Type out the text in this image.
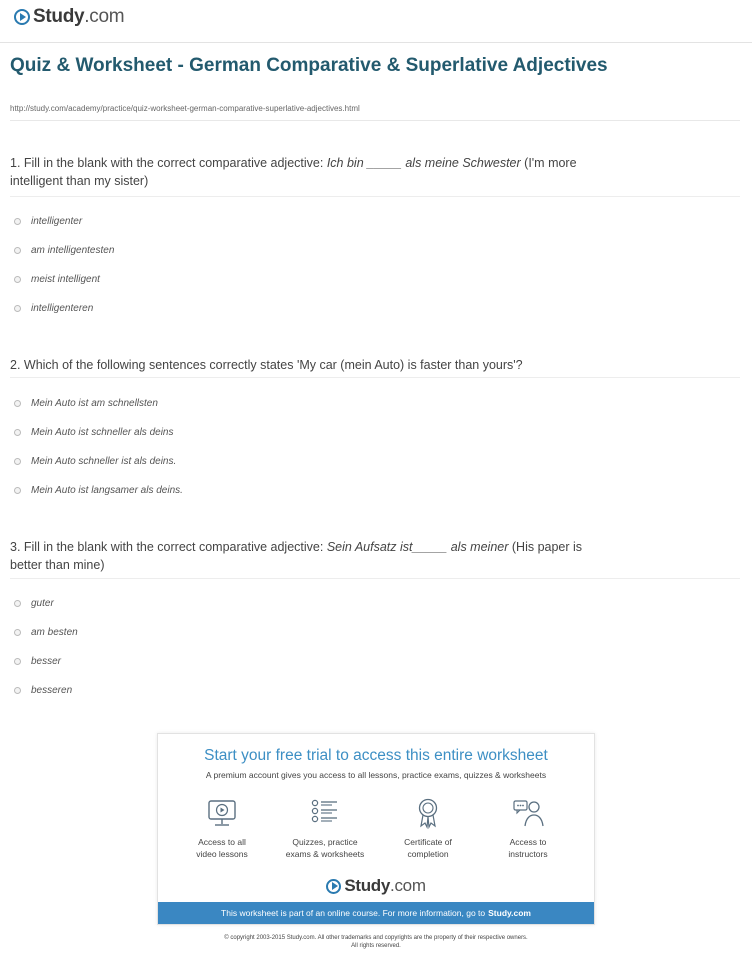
Study.com
Quiz & Worksheet - German Comparative & Superlative Adjectives
http://study.com/academy/practice/quiz-worksheet-german-comparative-superlative-adjectives.html
1. Fill in the blank with the correct comparative adjective: Ich bin _____ als meine Schwester (I'm more intelligent than my sister)
intelligenter
am intelligentesten
meist intelligent
intelligenteren
2. Which of the following sentences correctly states 'My car (mein Auto) is faster than yours'?
Mein Auto ist am schnellsten
Mein Auto ist schneller als deins
Mein Auto schneller ist als deins.
Mein Auto ist langsamer als deins.
3. Fill in the blank with the correct comparative adjective: Sein Aufsatz ist_____ als meiner (His paper is better than mine)
guter
am besten
besser
besseren
Start your free trial to access this entire worksheet
A premium account gives you access to all lessons, practice exams, quizzes & worksheets
Access to all
video lessons
Quizzes, practice
exams & worksheets
Certificate of
completion
Access to
instructors
Study.com
This worksheet is part of an online course. For more information, go to Study.com
© copyright 2003-2015 Study.com. All other trademarks and copyrights are the property of their respective owners.
All rights reserved.
